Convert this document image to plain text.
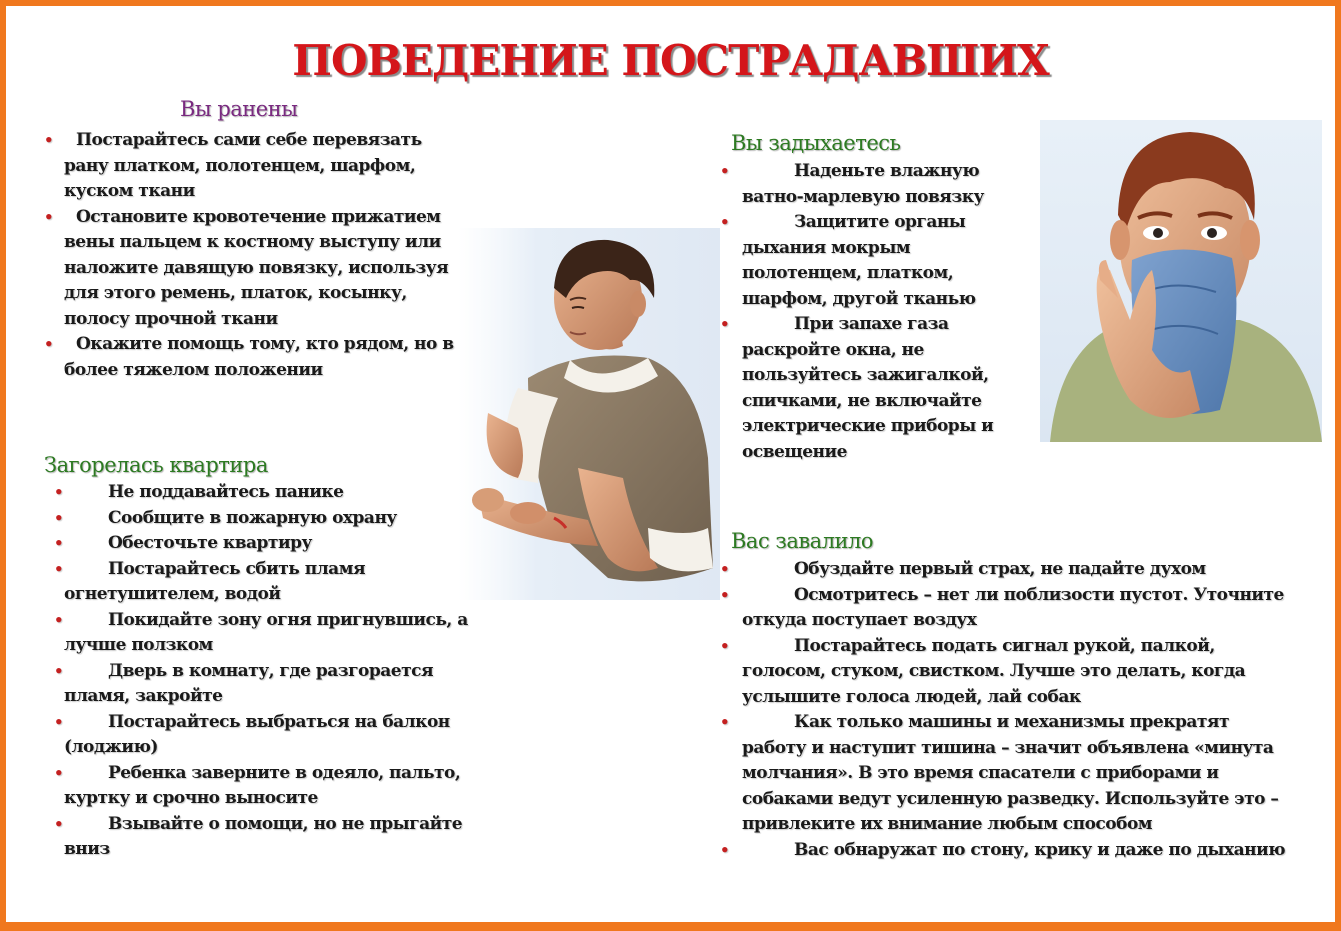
ПОВЕДЕНИЕ ПОСТРАДАВШИХ
Вы ранены
• Постарайтесь сами себе перевязать рану платком, полотенцем, шарфом, куском ткани
• Остановите кровотечение прижатием вены пальцем к костному выступу или наложите давящую повязку, используя для этого ремень, платок, косынку, полосу прочной ткани
• Окажите помощь тому, кто рядом, но в более тяжелом положении
Загорелась квартира
• Не поддавайтесь панике
• Сообщите в пожарную охрану
• Обесточьте квартиру
• Постарайтесь сбить пламя огнетушителем, водой
• Покидайте зону огня пригнувшись, а лучше ползком
• Дверь в комнату, где разгорается пламя, закройте
• Постарайтесь выбраться на балкон (лоджию)
• Ребенка заверните в одеяло, пальто, куртку и срочно выносите
• Взывайте о помощи, но не прыгайте вниз
Вы задыхаетесь
• Наденьте влажную ватно-марлевую повязку
• Защитите органы дыхания мокрым полотенцем, платком, шарфом, другой тканью
• При запахе газа раскройте окна, не пользуйтесь зажигалкой, спичками, не включайте электрические приборы и освещение
Вас завалило
• Обуздайте первый страх, не падайте духом
• Осмотритесь – нет ли поблизости пустот. Уточните откуда поступает воздух
• Постарайтесь подать сигнал рукой, палкой, голосом, стуком, свистком. Лучше это делать, когда услышите голоса людей, лай собак
• Как только машины и механизмы прекратят работу и наступит тишина – значит объявлена «минута молчания». В это время спасатели с приборами и собаками ведут усиленную разведку. Используйте это – привлеките их внимание любым способом
• Вас обнаружат по стону, крику и даже по дыханию
